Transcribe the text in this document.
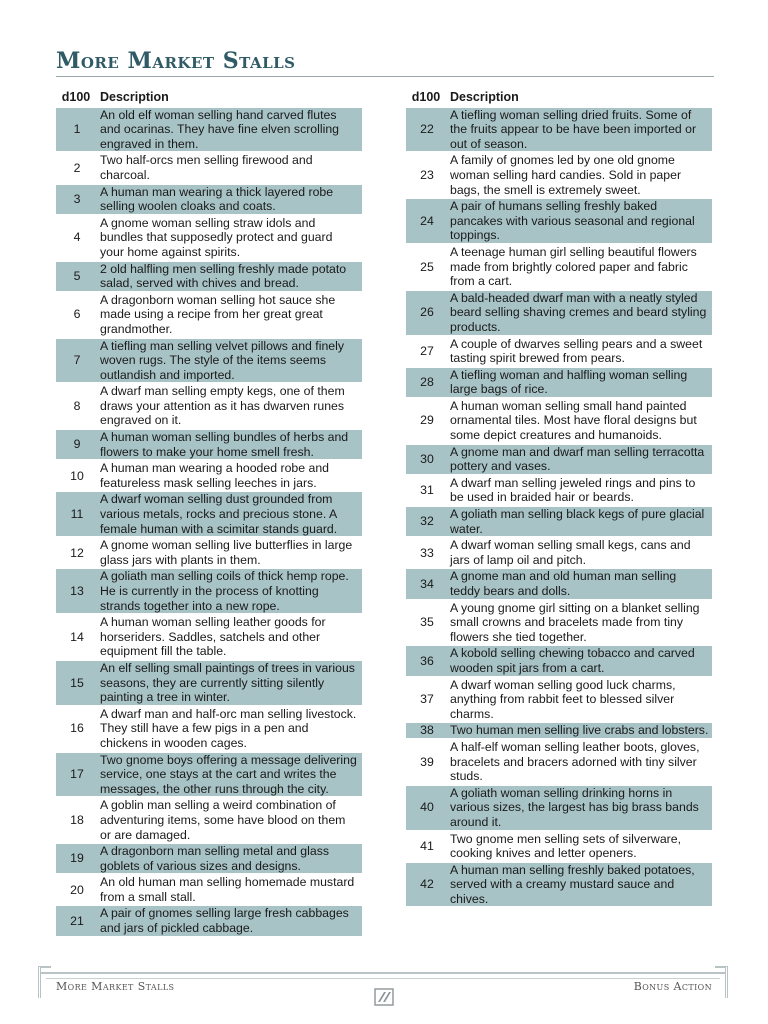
More Market Stalls
d100	Description
1	An old elf woman selling hand carved flutes and ocarinas. They have fine elven scrolling engraved in them.
2	Two half-orcs men selling firewood and charcoal.
3	A human man wearing a thick layered robe selling woolen cloaks and coats.
4	A gnome woman selling straw idols and bundles that supposedly protect and guard your home against spirits.
5	2 old halfling men selling freshly made potato salad, served with chives and bread.
6	A dragonborn woman selling hot sauce she made using a recipe from her great great grandmother.
7	A tiefling man selling velvet pillows and finely woven rugs. The style of the items seems outlandish and imported.
8	A dwarf man selling empty kegs, one of them draws your attention as it has dwarven runes engraved on it.
9	A human woman selling bundles of herbs and flowers to make your home smell fresh.
10	A human man wearing a hooded robe and featureless mask selling leeches in jars.
11	A dwarf woman selling dust grounded from various metals, rocks and precious stone. A female human with a scimitar stands guard.
12	A gnome woman selling live butterflies in large glass jars with plants in them.
13	A goliath man selling coils of thick hemp rope. He is currently in the process of knotting strands together into a new rope.
14	A human woman selling leather goods for horseriders. Saddles, satchels and other equipment fill the table.
15	An elf selling small paintings of trees in various seasons, they are currently sitting silently painting a tree in winter.
16	A dwarf man and half-orc man selling livestock. They still have a few pigs in a pen and chickens in wooden cages.
17	Two gnome boys offering a message delivering service, one stays at the cart and writes the messages, the other runs through the city.
18	A goblin man selling a weird combination of adventuring items, some have blood on them or are damaged.
19	A dragonborn man selling metal and glass goblets of various sizes and designs.
20	An old human man selling homemade mustard from a small stall.
21	A pair of gnomes selling large fresh cabbages and jars of pickled cabbage.
d100	Description
22	A tiefling woman selling dried fruits. Some of the fruits appear to be have been imported or out of season.
23	A family of gnomes led by one old gnome woman selling hard candies. Sold in paper bags, the smell is extremely sweet.
24	A pair of humans selling freshly baked pancakes with various seasonal and regional toppings.
25	A teenage human girl selling beautiful flowers made from brightly colored paper and fabric from a cart.
26	A bald-headed dwarf man with a neatly styled beard selling shaving cremes and beard styling products.
27	A couple of dwarves selling pears and a sweet tasting spirit brewed from pears.
28	A tiefling woman and halfling woman selling large bags of rice.
29	A human woman selling small hand painted ornamental tiles. Most have floral designs but some depict creatures and humanoids.
30	A gnome man and dwarf man selling terracotta pottery and vases.
31	A dwarf man selling jeweled rings and pins to be used in braided hair or beards.
32	A goliath man selling black kegs of pure glacial water.
33	A dwarf woman selling small kegs, cans and jars of lamp oil and pitch.
34	A gnome man and old human man selling teddy bears and dolls.
35	A young gnome girl sitting on a blanket selling small crowns and bracelets made from tiny flowers she tied together.
36	A kobold selling chewing tobacco and carved wooden spit jars from a cart.
37	A dwarf woman selling good luck charms, anything from rabbit feet to blessed silver charms.
38	Two human men selling live crabs and lobsters.
39	A half-elf woman selling leather boots, gloves, bracelets and bracers adorned with tiny silver studs.
40	A goliath woman selling drinking horns in various sizes, the largest has big brass bands around it.
41	Two gnome men selling sets of silverware, cooking knives and letter openers.
42	A human man selling freshly baked potatoes, served with a creamy mustard sauce and chives.
More Market Stalls	Bonus Action
